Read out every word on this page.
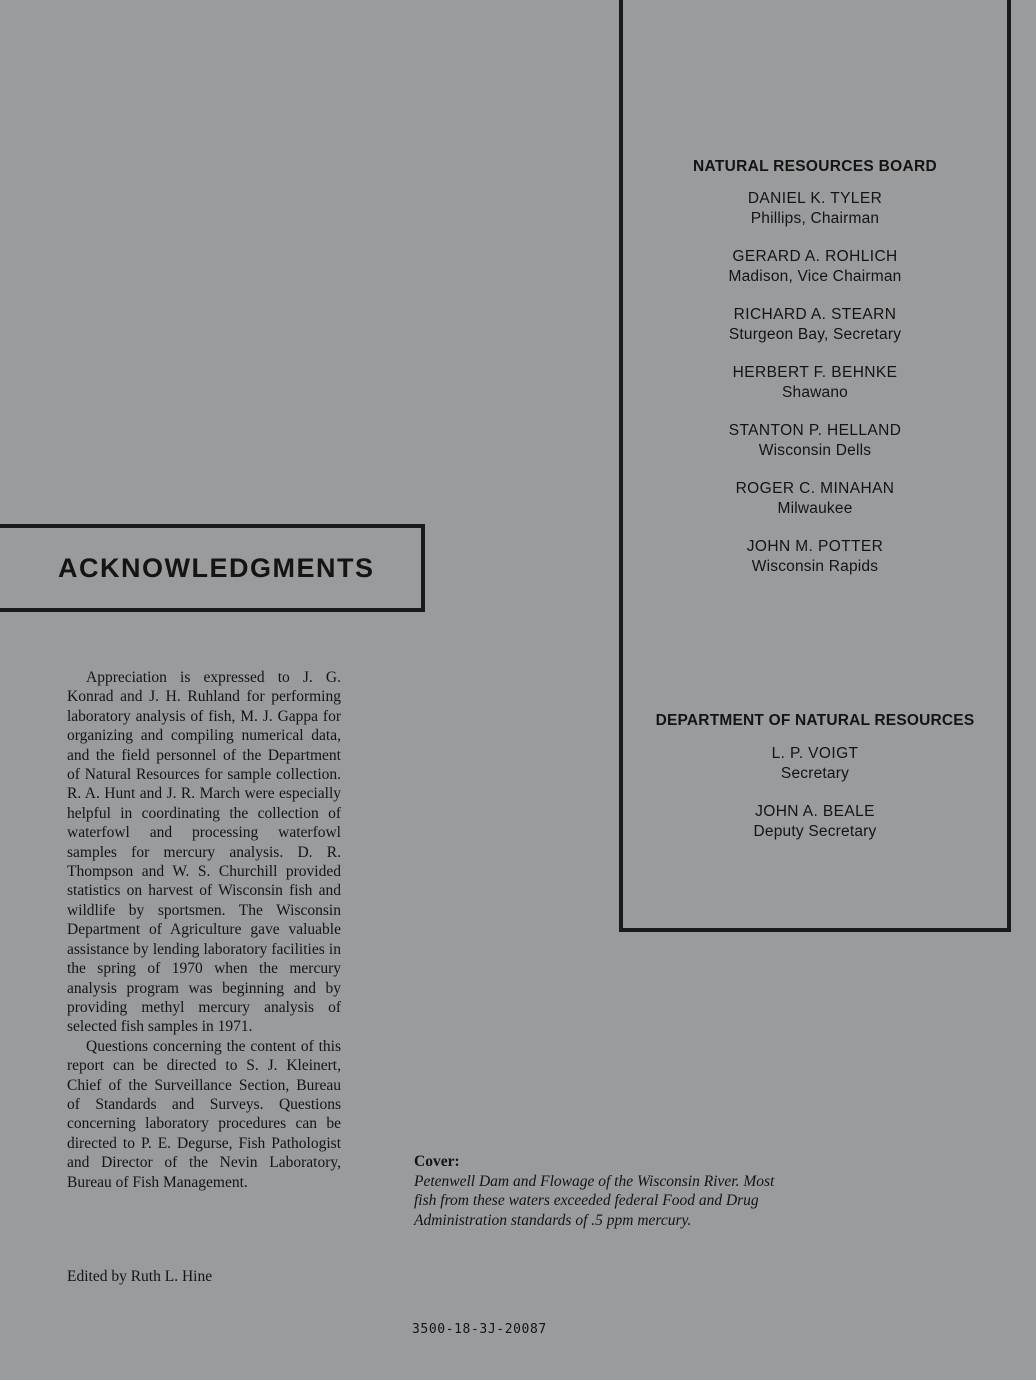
NATURAL RESOURCES BOARD
DANIEL K. TYLER
Phillips, Chairman
GERARD A. ROHLICH
Madison, Vice Chairman
RICHARD A. STEARN
Sturgeon Bay, Secretary
HERBERT F. BEHNKE
Shawano
STANTON P. HELLAND
Wisconsin Dells
ROGER C. MINAHAN
Milwaukee
JOHN M. POTTER
Wisconsin Rapids
DEPARTMENT OF NATURAL RESOURCES
L. P. VOIGT
Secretary
JOHN A. BEALE
Deputy Secretary
ACKNOWLEDGMENTS

Appreciation is expressed to J. G. Konrad and J. H. Ruhland for performing laboratory analysis of fish, M. J. Gappa for organizing and compiling numerical data, and the field personnel of the Department of Natural Resources for sample collection. R. A. Hunt and J. R. March were especially helpful in coordinating the collection of waterfowl and processing waterfowl samples for mercury analysis. D. R. Thompson and W. S. Churchill provided statistics on harvest of Wisconsin fish and wildlife by sportsmen. The Wisconsin Department of Agriculture gave valuable assistance by lending laboratory facilities in the spring of 1970 when the mercury analysis program was beginning and by providing methyl mercury analysis of selected fish samples in 1971.

Questions concerning the content of this report can be directed to S. J. Kleinert, Chief of the Surveillance Section, Bureau of Standards and Surveys. Questions concerning laboratory procedures can be directed to P. E. Degurse, Fish Pathologist and Director of the Nevin Laboratory, Bureau of Fish Management.

Edited by Ruth L. Hine
Cover:
Petenwell Dam and Flowage of the Wisconsin River. Most fish from these waters exceeded federal Food and Drug Administration standards of .5 ppm mercury.
3500-18-3J-20087
